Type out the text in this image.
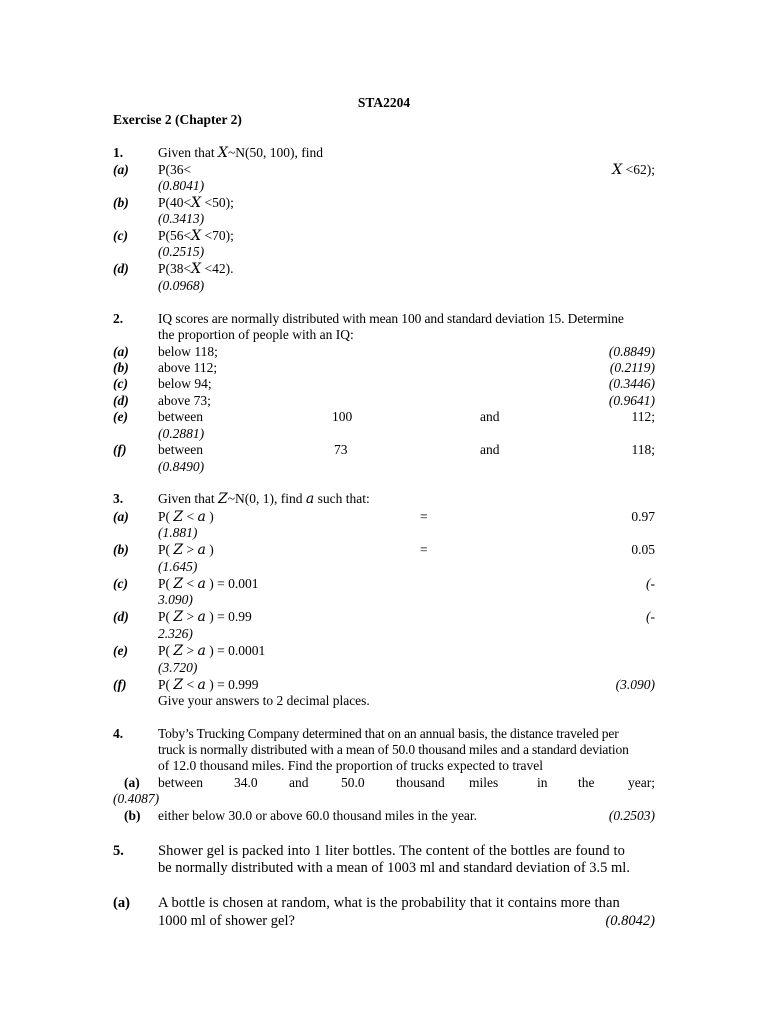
STA2204
Exercise 2 (Chapter 2)
1.	Given that X~N(50, 100), find
(a) P(36<	X <62);
(0.8041)
(b) P(40<X <50);
(0.3413)
(c) P(56<X <70);
(0.2515)
(d) P(38<X <42).
(0.0968)
2.	IQ scores are normally distributed with mean 100 and standard deviation 15. Determine
the proportion of people with an IQ:
(a) below 118;	(0.8849)
(b) above 112;	(0.2119)
(c) below 94;	(0.3446)
(d) above 73;	(0.9641)
(e) between	100	and	112;
(0.2881)
(f) between	73	and	118;
(0.8490)
3.	Given that Z~N(0, 1), find a such that:
(a) P( Z < a )	=	0.97
(1.881)
(b) P( Z > a )	=	0.05
(1.645)
(c) P( Z < a ) = 0.001	(-
3.090)
(d) P( Z > a ) = 0.99	(-
2.326)
(e) P( Z > a ) = 0.0001
(3.720)
(f) P( Z < a ) = 0.999	(3.090)
Give your answers to 2 decimal places.
4.	Toby’s Trucking Company determined that on an annual basis, the distance traveled per
truck is normally distributed with a mean of 50.0 thousand miles and a standard deviation
of 12.0 thousand miles. Find the proportion of trucks expected to travel
(a) between 34.0 and 50.0 thousand miles	in the year;
(0.4087)
(b) either below 30.0 or above 60.0 thousand miles in the year.	(0.2503)
5. Shower gel is packed into 1 liter bottles. The content of the bottles are found to
be normally distributed with a mean of 1003 ml and standard deviation of 3.5 ml.
(a) A bottle is chosen at random, what is the probability that it contains more than
1000 ml of shower gel?	(0.8042)
